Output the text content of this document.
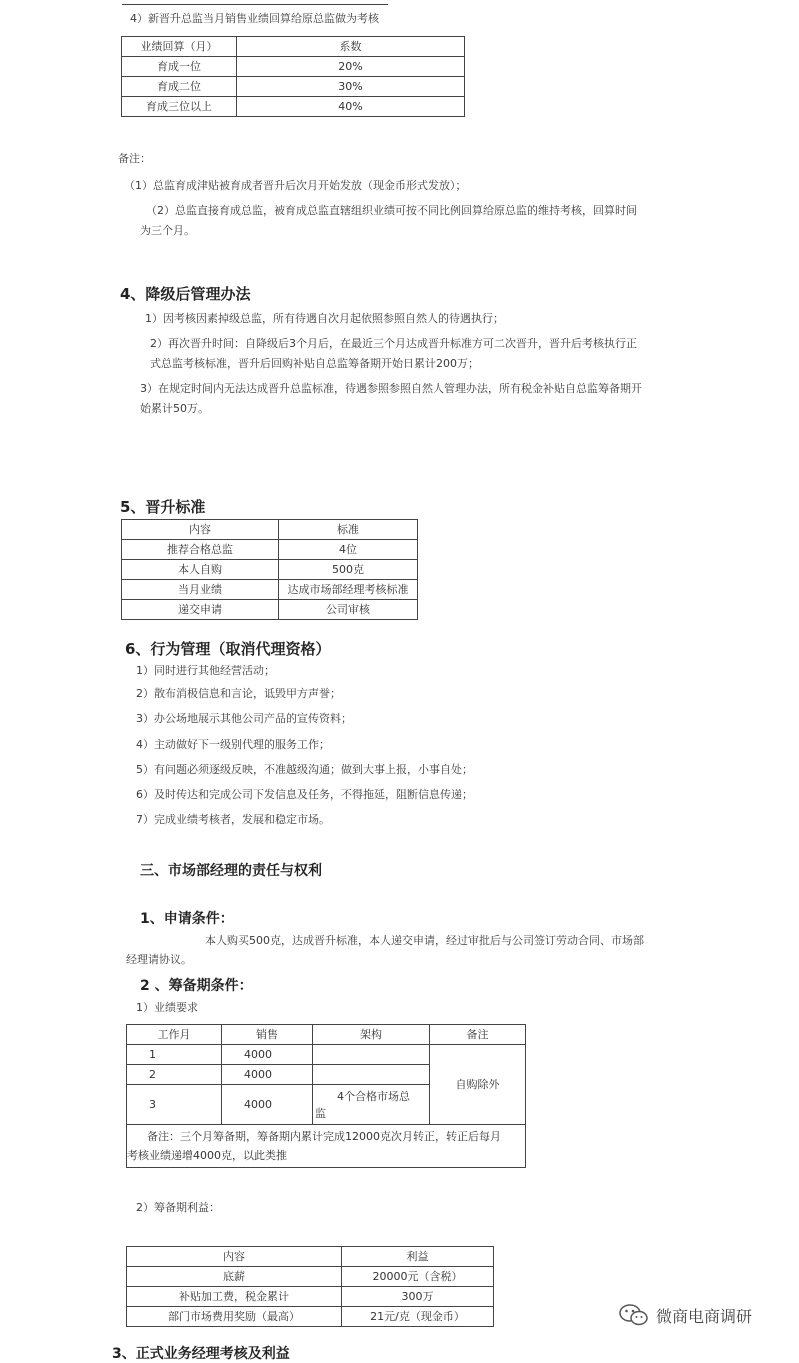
4）新晋升总监当月销售业绩回算给原总监做为考核
业绩回算（月）	系数
育成一位	20%
育成二位	30%
育成三位以上	40%
备注：
（1）总监育成津贴被育成者晋升后次月开始发放（现金币形式发放）；
（2）总监直接育成总监，被育成总监直辖组织业绩可按不同比例回算给原总监的维持考核，回算时间
为三个月。
4、降级后管理办法
1）因考核因素掉级总监，所有待遇自次月起依照参照自然人的待遇执行；
2）再次晋升时间：自降级后3个月后，在最近三个月达成晋升标准方可二次晋升，晋升后考核执行正
式总监考核标准，晋升后回购补贴自总监筹备期开始日累计200万；
3）在规定时间内无法达成晋升总监标准，待遇参照参照自然人管理办法，所有税金补贴自总监筹备期开
始累计50万。
5、晋升标准
内容	标准
推荐合格总监	4位
本人自购	500克
当月业绩	达成市场部经理考核标准
递交申请	公司审核
6、行为管理（取消代理资格）
1）同时进行其他经营活动；
2）散布消极信息和言论，诋毁甲方声誉；
3）办公场地展示其他公司产品的宣传资料；
4）主动做好下一级别代理的服务工作；
5）有问题必须逐级反映，不准越级沟通；做到大事上报，小事自处；
6）及时传达和完成公司下发信息及任务，不得拖延，阻断信息传递；
7）完成业绩考核者，发展和稳定市场。
三、市场部经理的责任与权利
1、申请条件：
本人购买500克，达成晋升标准，本人递交申请，经过审批后与公司签订劳动合同、市场部
经理请协议。
2 、筹备期条件：
1）业绩要求
工作月	销售	架构	备注
1	4000		自购除外
2	4000		
3	4000	4个合格市场总
监	

备注：三个月筹备期，筹备期内累计完成12000克次月转正，转正后每月
考核业绩递增4000克，以此类推			
2）筹备期利益：
内容	利益
底薪	20000元（含税）
补贴加工费，税金累计	300万
部门市场费用奖励（最高）	21元/克（现金币）
3、正式业务经理考核及利益
微商电商调研
